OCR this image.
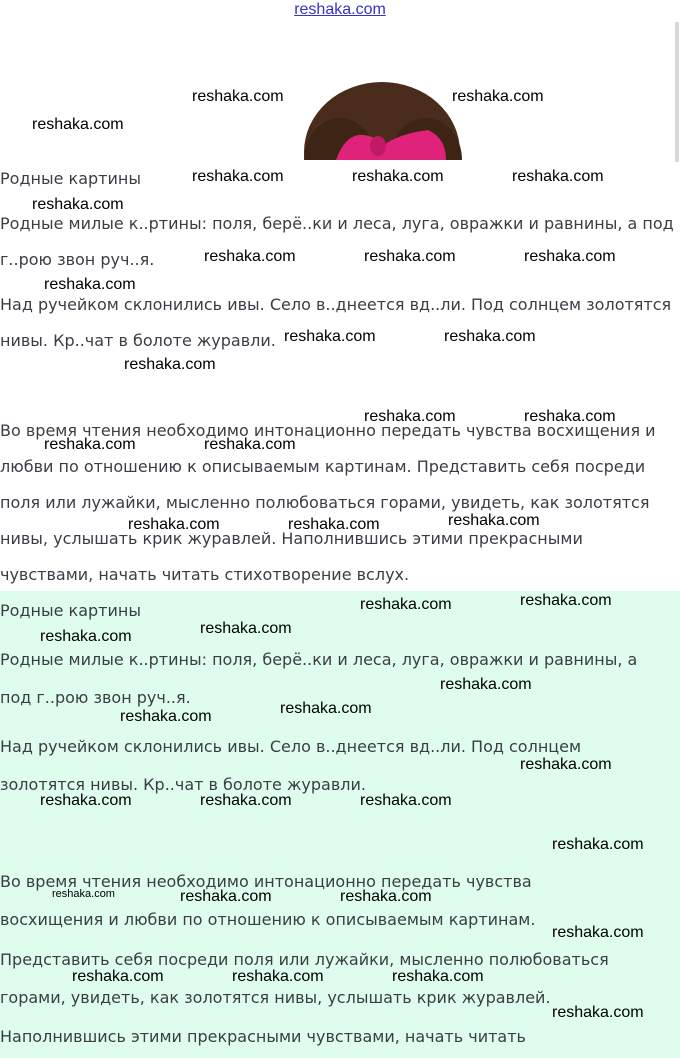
reshaka.com
Родные картины
Родные милые к..ртины: поля, берё..ки и леса, луга, овражки и равнины, а под
г..рою звон руч..я.
Над ручейком склонились ивы. Село в..днеется вд..ли. Под солнцем золотятся
нивы. Кр..чат в болоте журавли.
Во время чтения необходимо интонационно передать чувства восхищения и
любви по отношению к описываемым картинам. Представить себя посреди
поля или лужайки, мысленно полюбоваться горами, увидеть, как золотятся
нивы, услышать крик журавлей. Наполнившись этими прекрасными
чувствами, начать читать стихотворение вслух.
Родные картины
Родные милые к..ртины: поля, берё..ки и леса, луга, овражки и равнины, а
под г..рою звон руч..я.
Над ручейком склонились ивы. Село в..днеется вд..ли. Под солнцем
золотятся нивы. Кр..чат в болоте журавли.
Во время чтения необходимо интонационно передать чувства
восхищения и любви по отношению к описываемым картинам.
Представить себя посреди поля или лужайки, мысленно полюбоваться
горами, увидеть, как золотятся нивы, услышать крик журавлей.
Наполнившись этими прекрасными чувствами, начать читать
reshaka.com	reshaka.com
reshaka.com
reshaka.com	reshaka.com	reshaka.com
reshaka.com
reshaka.com	reshaka.com	reshaka.com
reshaka.com
reshaka.com	reshaka.com
reshaka.com
reshaka.com	reshaka.com
reshaka.com	reshaka.com
reshaka.com	reshaka.com	reshaka.com
reshaka.com	reshaka.com
reshaka.com
reshaka.com
reshaka.com
reshaka.com
reshaka.com
reshaka.com
reshaka.com	reshaka.com	reshaka.com
reshaka.com
reshaka.com	reshaka.com	reshaka.com
reshaka.com
reshaka.com	reshaka.com	reshaka.com
reshaka.com
